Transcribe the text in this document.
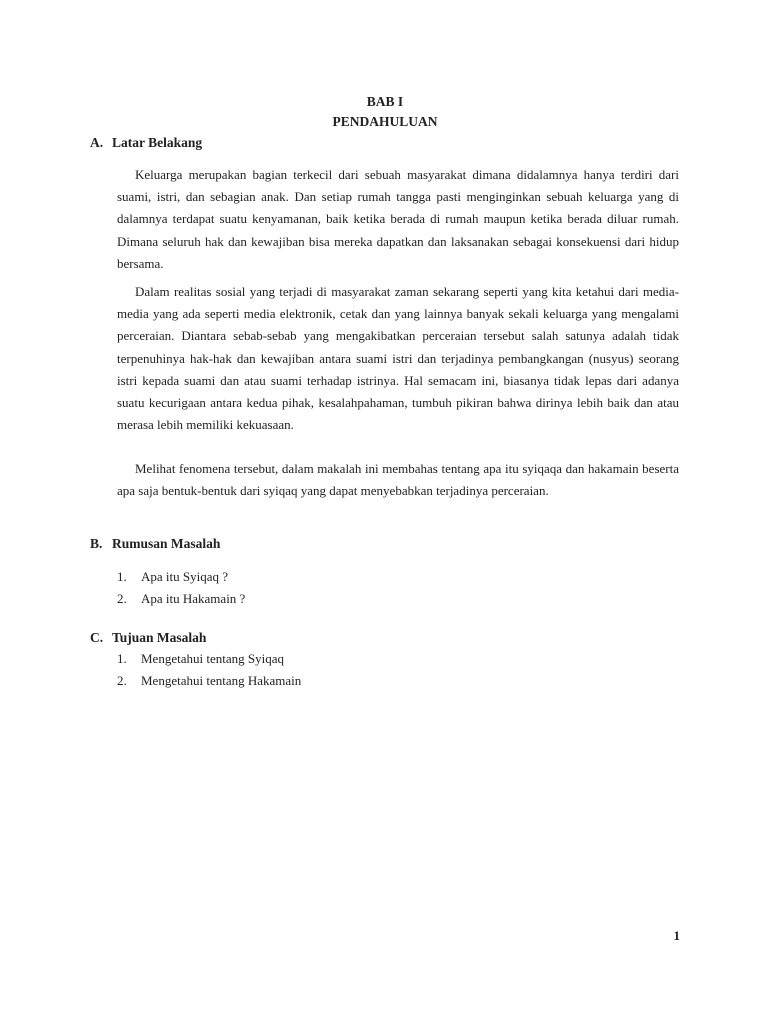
BAB I
PENDAHULUAN
A. Latar Belakang

Keluarga merupakan bagian terkecil dari sebuah masyarakat dimana didalamnya hanya terdiri dari suami, istri, dan sebagian anak. Dan setiap rumah tangga pasti menginginkan sebuah keluarga yang di dalamnya terdapat suatu kenyamanan, baik ketika berada di rumah maupun ketika berada diluar rumah. Dimana seluruh hak dan kewajiban bisa mereka dapatkan dan laksanakan sebagai konsekuensi dari hidup bersama.

Dalam realitas sosial yang terjadi di masyarakat zaman sekarang seperti yang kita ketahui dari media-media yang ada seperti media elektronik, cetak dan yang lainnya banyak sekali keluarga yang mengalami perceraian. Diantara sebab-sebab yang mengakibatkan perceraian tersebut salah satunya adalah tidak terpenuhinya hak-hak dan kewajiban antara suami istri dan terjadinya pembangkangan (nusyus) seorang istri kepada suami dan atau suami terhadap istrinya. Hal semacam ini, biasanya tidak lepas dari adanya suatu kecurigaan antara kedua pihak, kesalahpahaman, tumbuh pikiran bahwa dirinya lebih baik dan atau merasa lebih memiliki kekuasaan.

Melihat fenomena tersebut, dalam makalah ini membahas tentang apa itu syiqaqa dan hakamain beserta apa saja bentuk-bentuk dari syiqaq yang dapat menyebabkan terjadinya perceraian.

B. Rumusan Masalah
1. Apa itu Syiqaq ?
2. Apa itu Hakamain ?
C. Tujuan Masalah
1. Mengetahui tentang Syiqaq
2. Mengetahui tentang Hakamain
1
